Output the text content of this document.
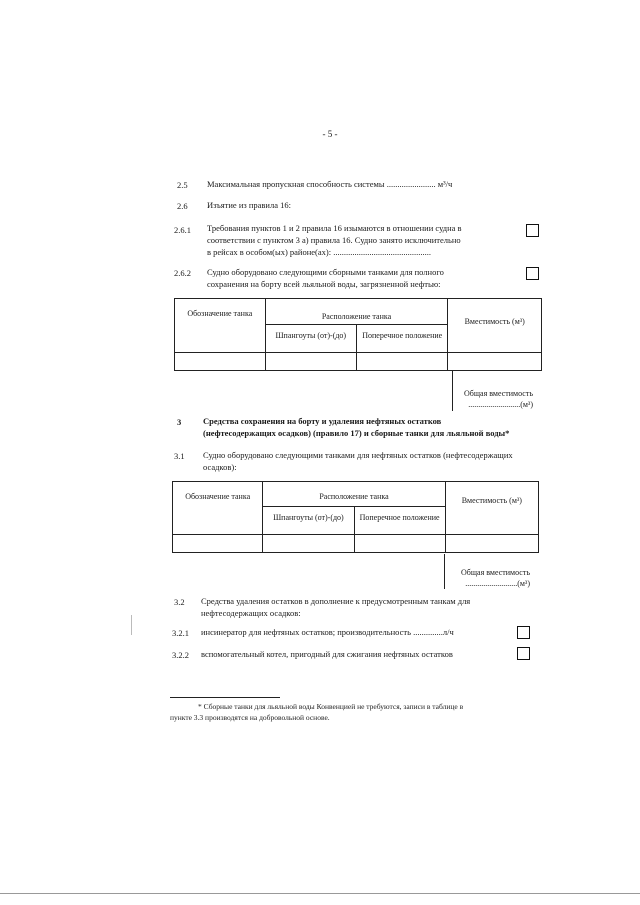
- 5 -
2.5 Максимальная пропускная способность системы ....................... м³/ч
2.6 Изъятие из правила 16:
2.6.1 Требования пунктов 1 и 2 правила 16 изымаются в отношении судна в
соответствии с пунктом 3 a) правила 16. Судно занято исключительно
в рейсах в особом(ых) районе(ах): ..............................................
2.6.2 Судно оборудовано следующими сборными танками для полного
сохранения на борту всей льяльной воды, загрязненной нефтью:
Обозначение танка	Расположение танка		Вместимость (м³)
	Шпангоуты (от)-(до)	Поперечное положение	

Общая вместимость
..........................(м³)
3	Средства сохранения на борту и удаления нефтяных остатков
(нефтесодержащих осадков) (правило 17) и сборные танки для льяльной воды*
3.1 Судно оборудовано следующими танками для нефтяных остатков (нефтесодержащих
осадков):
Обозначение танка	Расположение танка		Вместимость (м³)
	Шпангоуты (от)-(до)	Поперечное положение	

Общая вместимость
..........................(м³)
3.2 Средства удаления остатков в дополнение к предусмотренным танкам для
нефтесодержащих осадков:
3.2.1 инсинератор для нефтяных остатков; производительность ..............л/ч
3.2.2 вспомогательный котел, пригодный для сжигания нефтяных остатков
* Сборные танки для льяльной воды Конвенцией не требуются, записи в таблице в
пункте 3.3 производятся на добровольной основе.
